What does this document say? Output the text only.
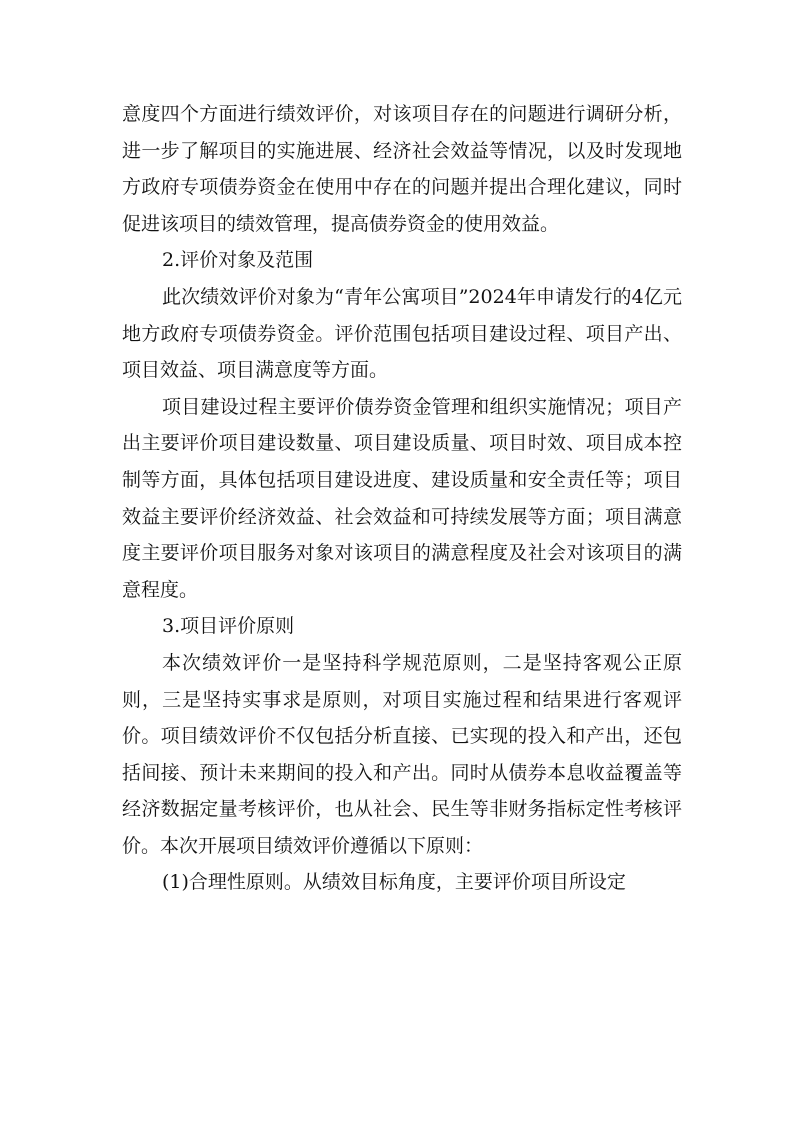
意度四个方面进行绩效评价，对该项目存在的问题进行调研分析，进一步了解项目的实施进展、经济社会效益等情况，以及时发现地方政府专项债券资金在使用中存在的问题并提出合理化建议，同时促进该项目的绩效管理，提高债券资金的使用效益。

2.评价对象及范围

此次绩效评价对象为“青年公寓项目”2024年申请发行的4亿元地方政府专项债券资金。评价范围包括项目建设过程、项目产出、项目效益、项目满意度等方面。

项目建设过程主要评价债券资金管理和组织实施情况；项目产出主要评价项目建设数量、项目建设质量、项目时效、项目成本控制等方面，具体包括项目建设进度、建设质量和安全责任等；项目效益主要评价经济效益、社会效益和可持续发展等方面；项目满意度主要评价项目服务对象对该项目的满意程度及社会对该项目的满意程度。

3.项目评价原则

本次绩效评价一是坚持科学规范原则，二是坚持客观公正原则，三是坚持实事求是原则，对项目实施过程和结果进行客观评价。项目绩效评价不仅包括分析直接、已实现的投入和产出，还包括间接、预计未来期间的投入和产出。同时从债券本息收益覆盖等经济数据定量考核评价，也从社会、民生等非财务指标定性考核评价。本次开展项目绩效评价遵循以下原则：

(1)合理性原则。从绩效目标角度，主要评价项目所设定
